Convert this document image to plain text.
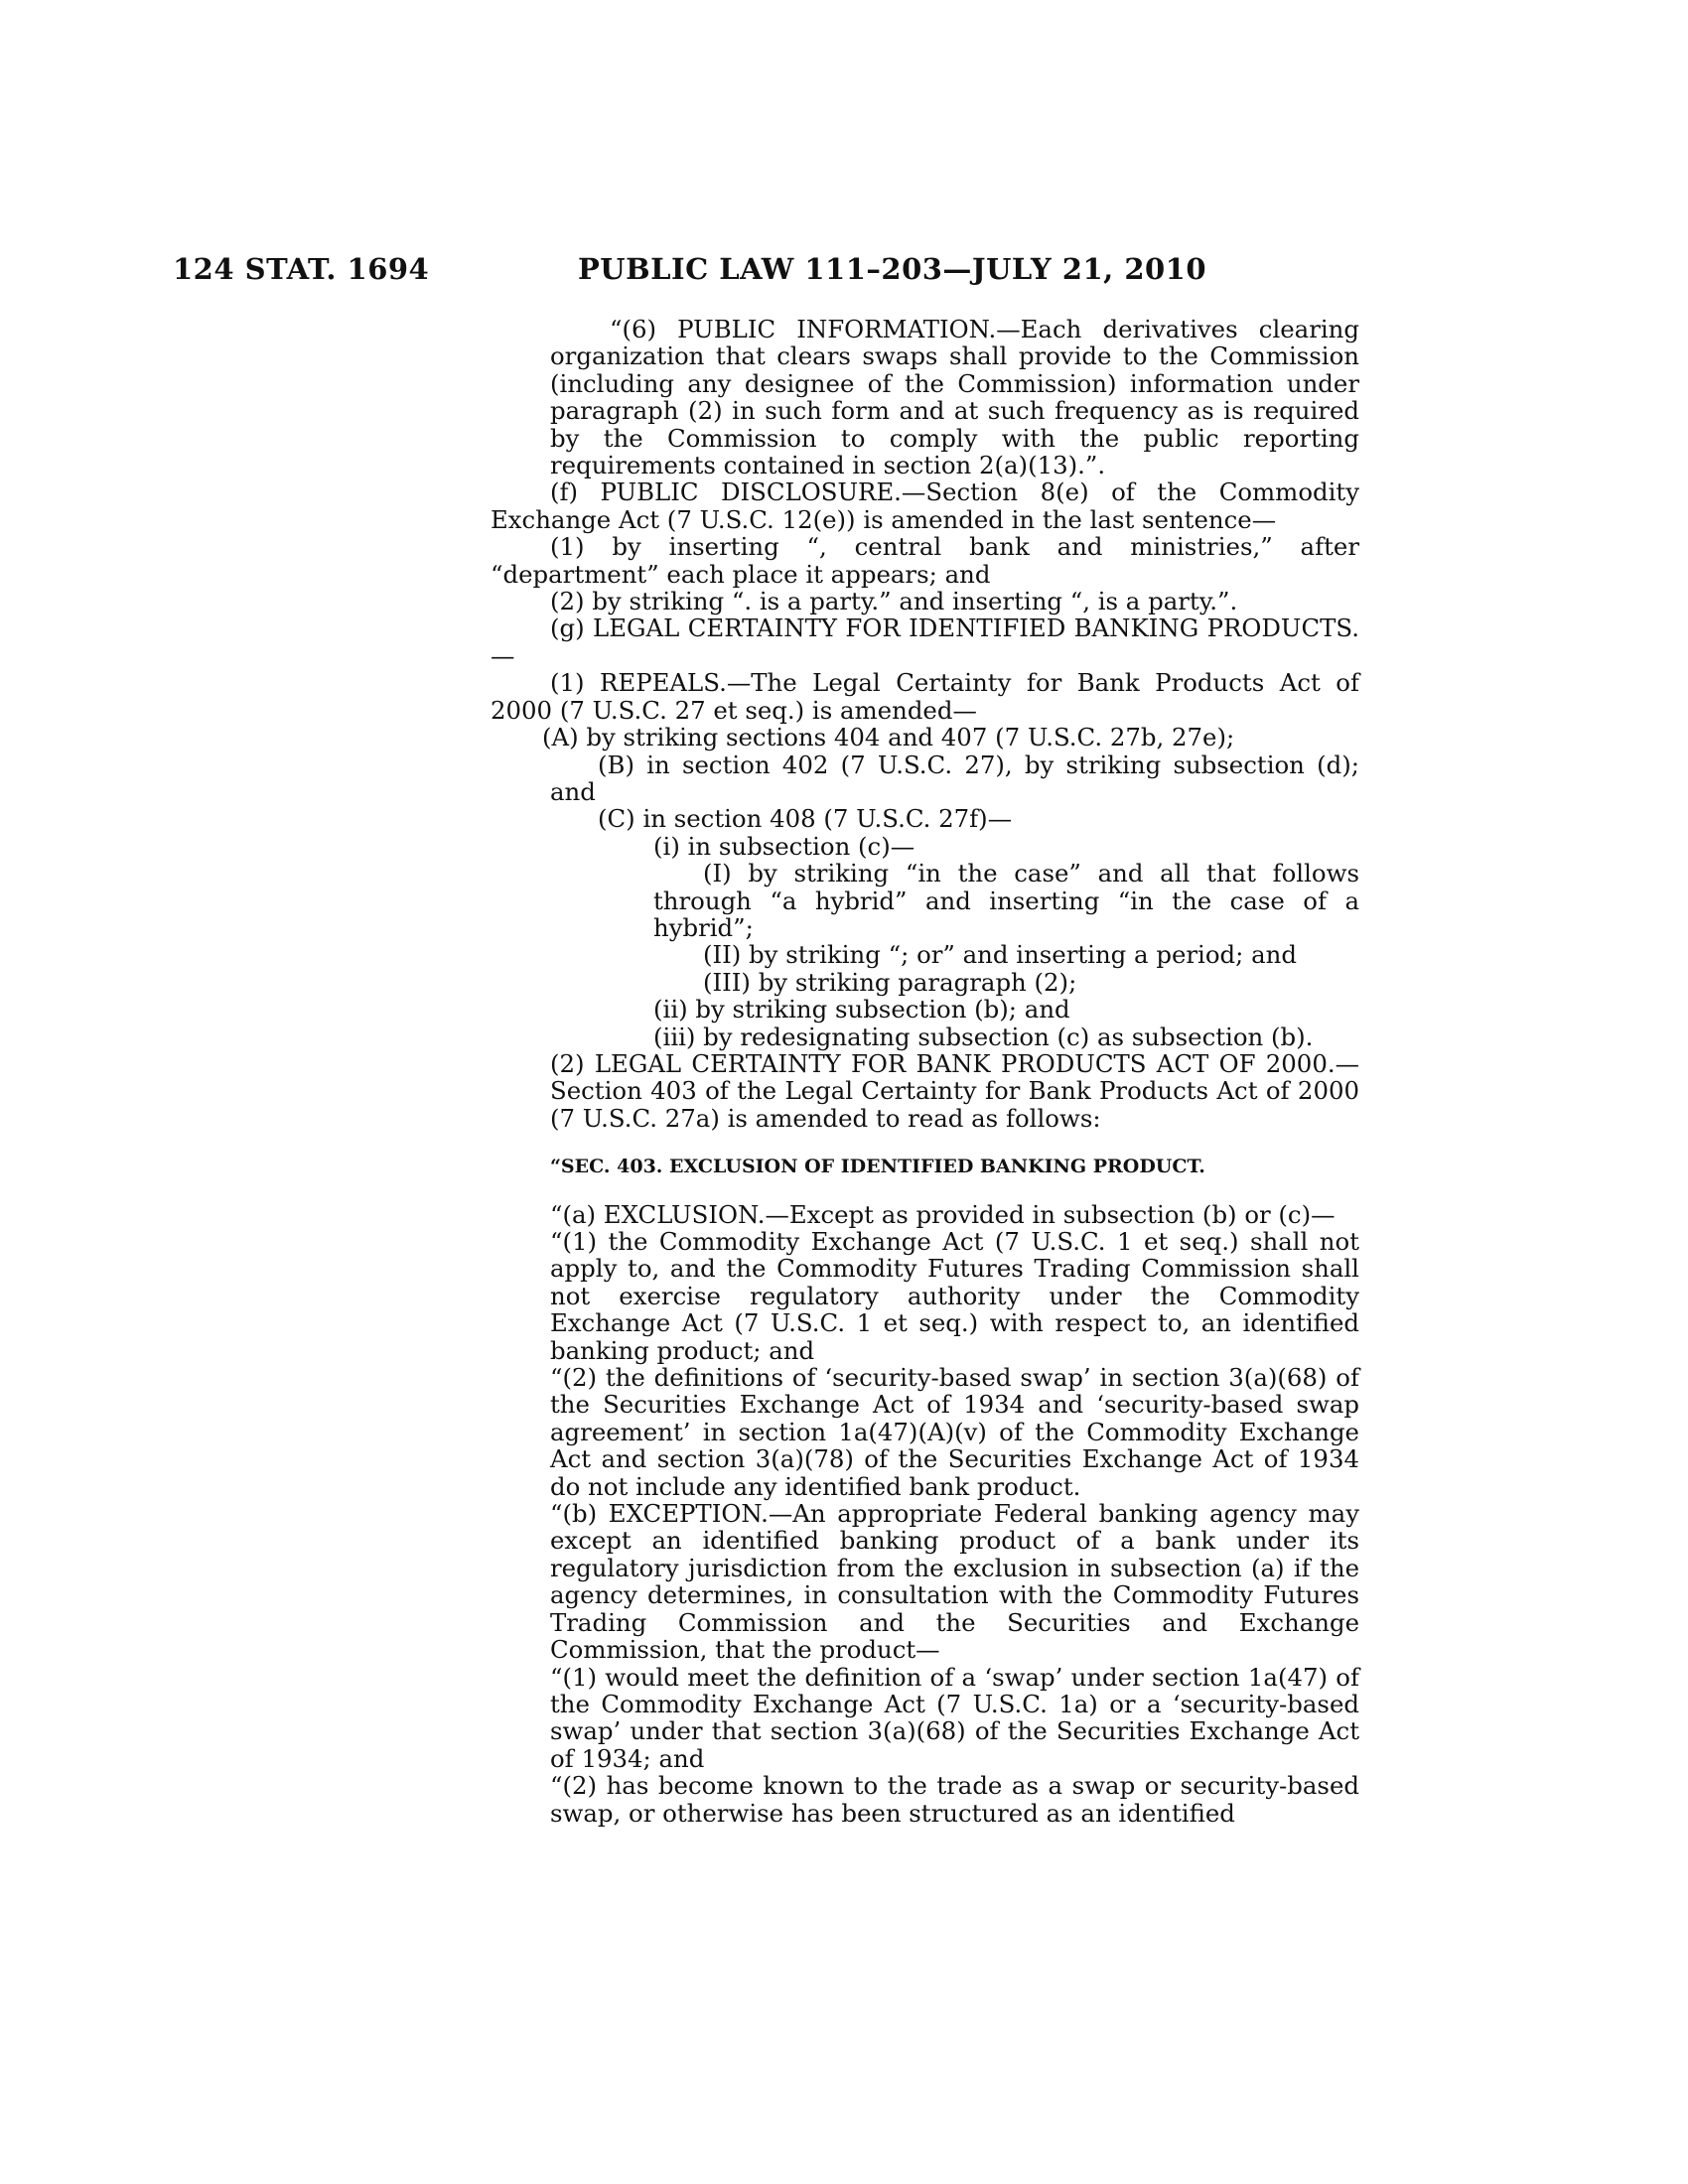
124 STAT. 1694	PUBLIC LAW 111–203—JULY 21, 2010

“(6) PUBLIC INFORMATION.—Each derivatives clearing organization that clears swaps shall provide to the Commission (including any designee of the Commission) information under paragraph (2) in such form and at such frequency as is required by the Commission to comply with the public reporting requirements contained in section 2(a)(13).”.

(f) PUBLIC DISCLOSURE.—Section 8(e) of the Commodity Exchange Act (7 U.S.C. 12(e)) is amended in the last sentence—

(1) by inserting “, central bank and ministries,” after “department” each place it appears; and

(2) by striking “. is a party.” and inserting “, is a party.”.

(g) LEGAL CERTAINTY FOR IDENTIFIED BANKING PRODUCTS.—

(1) REPEALS.—The Legal Certainty for Bank Products Act of 2000 (7 U.S.C. 27 et seq.) is amended—

(A) by striking sections 404 and 407 (7 U.S.C. 27b, 27e);

(B) in section 402 (7 U.S.C. 27), by striking subsection (d); and

(C) in section 408 (7 U.S.C. 27f)—

(i) in subsection (c)—

(I) by striking “in the case” and all that follows through “a hybrid” and inserting “in the case of a hybrid”;

(II) by striking “; or” and inserting a period; and

(III) by striking paragraph (2);

(ii) by striking subsection (b); and

(iii) by redesignating subsection (c) as subsection (b).

(2) LEGAL CERTAINTY FOR BANK PRODUCTS ACT OF 2000.—Section 403 of the Legal Certainty for Bank Products Act of 2000 (7 U.S.C. 27a) is amended to read as follows:

“SEC. 403. EXCLUSION OF IDENTIFIED BANKING PRODUCT.

“(a) EXCLUSION.—Except as provided in subsection (b) or (c)—

“(1) the Commodity Exchange Act (7 U.S.C. 1 et seq.) shall not apply to, and the Commodity Futures Trading Commission shall not exercise regulatory authority under the Commodity Exchange Act (7 U.S.C. 1 et seq.) with respect to, an identified banking product; and

“(2) the definitions of ‘security-based swap’ in section 3(a)(68) of the Securities Exchange Act of 1934 and ‘security-based swap agreement’ in section 1a(47)(A)(v) of the Commodity Exchange Act and section 3(a)(78) of the Securities Exchange Act of 1934 do not include any identified bank product.

“(b) EXCEPTION.—An appropriate Federal banking agency may except an identified banking product of a bank under its regulatory jurisdiction from the exclusion in subsection (a) if the agency determines, in consultation with the Commodity Futures Trading Commission and the Securities and Exchange Commission, that the product—

“(1) would meet the definition of a ‘swap’ under section 1a(47) of the Commodity Exchange Act (7 U.S.C. 1a) or a ‘security-based swap’ under that section 3(a)(68) of the Securities Exchange Act of 1934; and

“(2) has become known to the trade as a swap or security-based swap, or otherwise has been structured as an identified
